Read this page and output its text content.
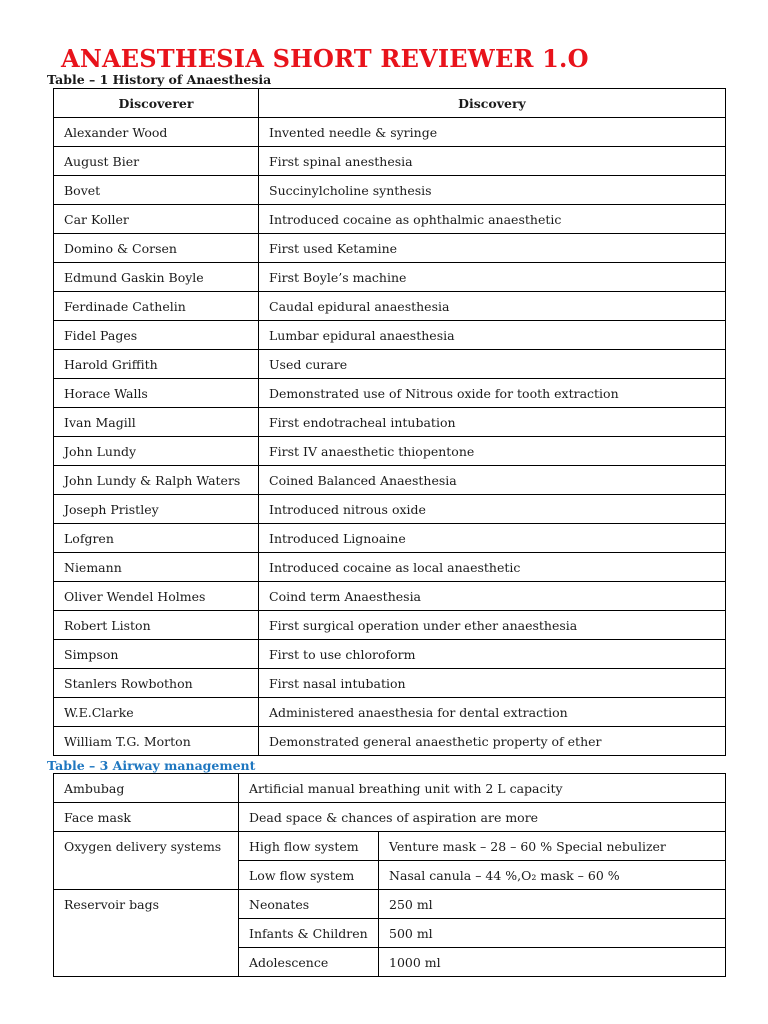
ANAESTHESIA SHORT REVIEWER 1.O
Table – 1 History of Anaesthesia
Discoverer	Discovery
Alexander Wood	Invented needle & syringe
August Bier	First spinal anesthesia
Bovet	Succinylcholine synthesis
Car Koller	Introduced cocaine as ophthalmic anaesthetic
Domino & Corsen	First used Ketamine
Edmund Gaskin Boyle	First Boyle’s machine
Ferdinade Cathelin	Caudal epidural anaesthesia
Fidel Pages	Lumbar epidural anaesthesia
Harold Griffith	Used curare
Horace Walls	Demonstrated use of Nitrous oxide for tooth extraction
Ivan Magill	First endotracheal intubation
John Lundy	First IV anaesthetic thiopentone
John Lundy & Ralph Waters	Coined Balanced Anaesthesia
Joseph Pristley	Introduced nitrous oxide
Lofgren	Introduced Lignoaine
Niemann	Introduced cocaine as local anaesthetic
Oliver Wendel Holmes	Coind term Anaesthesia
Robert Liston	First surgical operation under ether anaesthesia
Simpson	First to use chloroform
Stanlers Rowbothon	First nasal intubation
W.E.Clarke	Administered anaesthesia for dental extraction
William T.G. Morton	Demonstrated general anaesthetic property of ether
Table – 3 Airway management
Ambubag	Artificial manual breathing unit with 2 L capacity	
Face mask	Dead space & chances of aspiration are more	
Oxygen delivery systems	High flow system	Venture mask – 28 – 60 % Special nebulizer
	Low flow system	Nasal canula – 44 %,O₂ mask – 60 %
Reservoir bags	Neonates	250 ml
	Infants & Children	500 ml
	Adolescence	1000 ml
